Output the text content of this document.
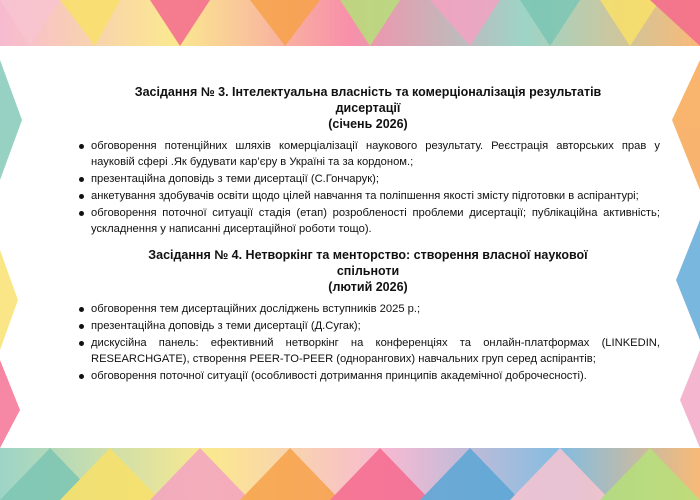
Засідання № 3. Інтелектуальна власність та комерціоналізація результатів
дисертації
(січень 2026)
обговорення потенційних шляхів комерціалізації наукового результату. Реєстрація авторських прав у науковій сфері .Як будувати кар’єру в Україні та за кордоном.;
презентаційна доповідь з теми дисертації (С.Гончарук);
анкетування здобувачів освіти щодо цілей навчання та поліпшення якості змісту підготовки в аспірантурі;
обговорення поточної ситуації стадія (етап) розробленості проблеми дисертації; публікаційна активність; ускладнення у написанні дисертаційної роботи тощо).
Засідання № 4. Нетворкінг та менторство: створення власної наукової
спільноти
(лютий 2026)
обговорення тем дисертаційних досліджень вступників 2025 р.;
презентаційна доповідь з теми дисертації (Д.Сугак);
дискусійна панель: ефективний нетворкінг на конференціях та онлайн-платформах (LINKEDIN, RESEARCHGATE), створення PEER-TO-PEER (однорангових) навчальних груп серед аспірантів;
обговорення поточної ситуації (особливості дотримання принципів академічної доброчесності).
